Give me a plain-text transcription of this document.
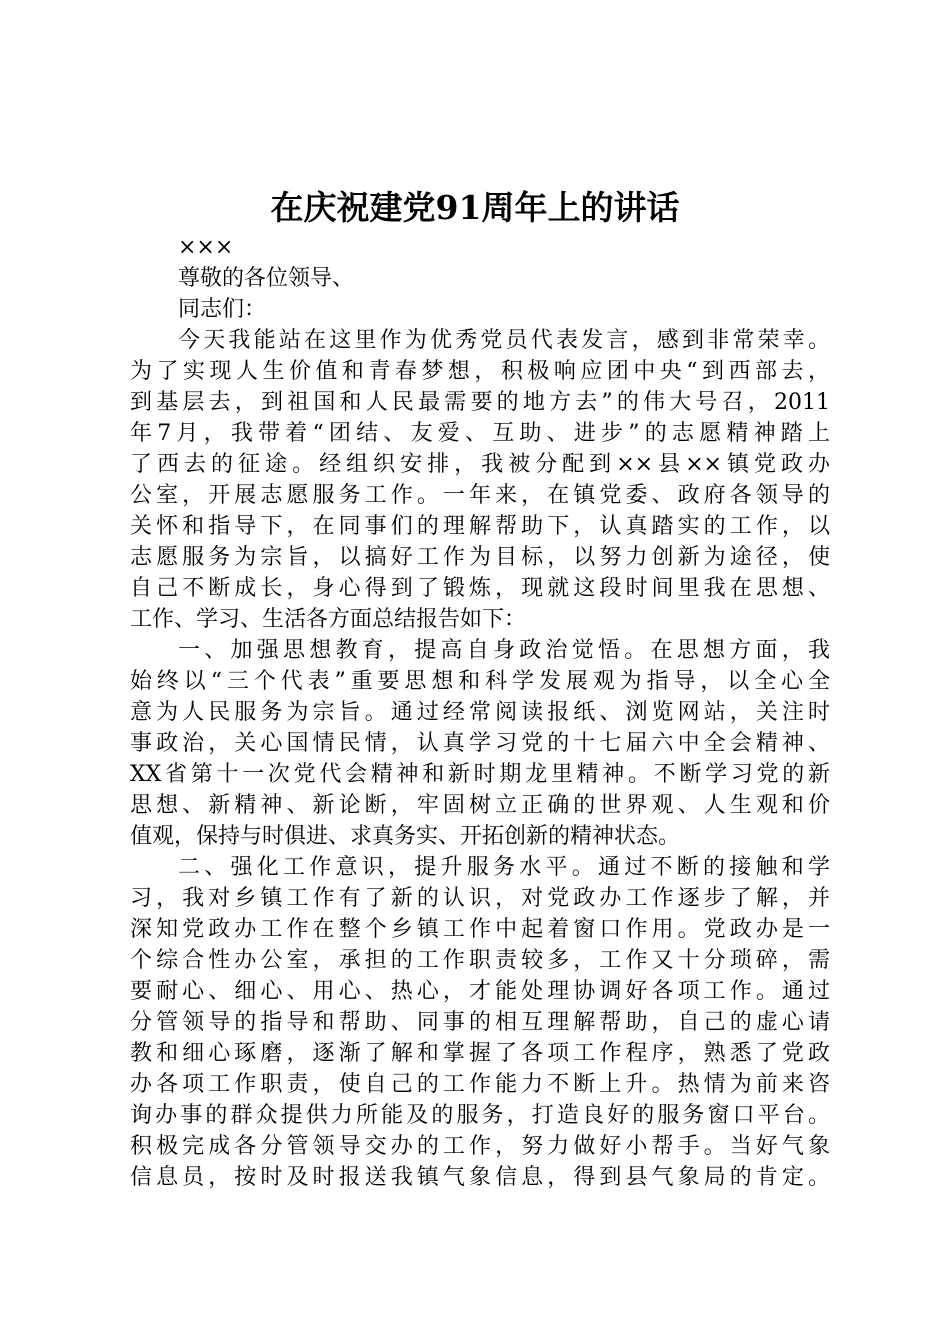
在庆祝建党91周年上的讲话
×××
尊敬的各位领导、
同志们：
今天我能站在这里作为优秀党员代表发言，感到非常荣幸。
为了实现人生价值和青春梦想，积极响应团中央“到西部去，
到基层去，到祖国和人民最需要的地方去”的伟大号召，2011
年7月，我带着“团结、友爱、互助、进步”的志愿精神踏上
了西去的征途。经组织安排，我被分配到××县××镇党政办
公室，开展志愿服务工作。一年来，在镇党委、政府各领导的
关怀和指导下，在同事们的理解帮助下，认真踏实的工作，以
志愿服务为宗旨，以搞好工作为目标，以努力创新为途径，使
自己不断成长，身心得到了锻炼，现就这段时间里我在思想、
工作、学习、生活各方面总结报告如下：
一、加强思想教育，提高自身政治觉悟。在思想方面，我
始终以“三个代表”重要思想和科学发展观为指导，以全心全
意为人民服务为宗旨。通过经常阅读报纸、浏览网站，关注时
事政治，关心国情民情，认真学习党的十七届六中全会精神、
XX省第十一次党代会精神和新时期龙里精神。不断学习党的新
思想、新精神、新论断，牢固树立正确的世界观、人生观和价
值观，保持与时俱进、求真务实、开拓创新的精神状态。
二、强化工作意识，提升服务水平。通过不断的接触和学
习，我对乡镇工作有了新的认识，对党政办工作逐步了解，并
深知党政办工作在整个乡镇工作中起着窗口作用。党政办是一
个综合性办公室，承担的工作职责较多，工作又十分琐碎，需
要耐心、细心、用心、热心，才能处理协调好各项工作。通过
分管领导的指导和帮助、同事的相互理解帮助，自己的虚心请
教和细心琢磨，逐渐了解和掌握了各项工作程序，熟悉了党政
办各项工作职责，使自己的工作能力不断上升。热情为前来咨
询办事的群众提供力所能及的服务，打造良好的服务窗口平台。
积极完成各分管领导交办的工作，努力做好小帮手。当好气象
信息员，按时及时报送我镇气象信息，得到县气象局的肯定。
